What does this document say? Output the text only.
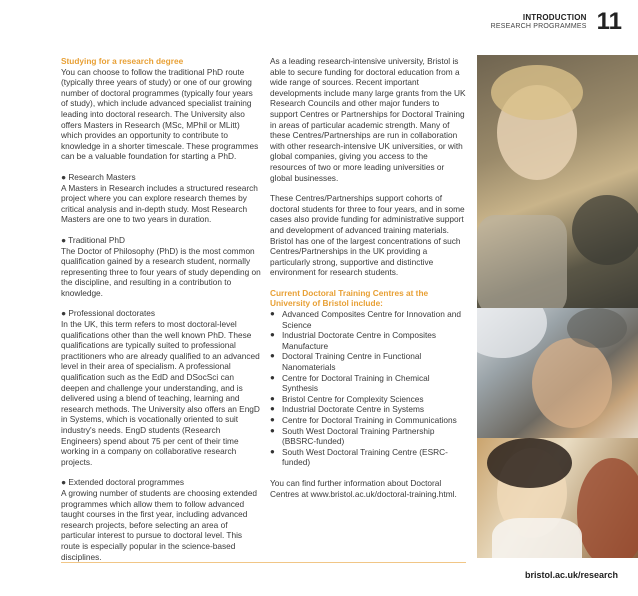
INTRODUCTION
RESEARCH PROGRAMMES 11
Studying for a research degree

You can choose to follow the traditional PhD route (typically three years of study) or one of our growing number of doctoral programmes (typically four years of study), which include advanced specialist training leading into doctoral research. The University also offers Masters in Research (MSc, MPhil or MLitt) which provides an opportunity to contribute to knowledge in a shorter timescale. These programmes can be a valuable foundation for starting a PhD.

● Research Masters

A Masters in Research includes a structured research project where you can explore research themes by critical analysis and in-depth study. Most Research Masters are one to two years in duration.

● Traditional PhD

The Doctor of Philosophy (PhD) is the most common qualification gained by a research student, normally representing three to four years of study depending on the discipline, and resulting in a contribution to knowledge.

● Professional doctorates

In the UK, this term refers to most doctoral-level qualifications other than the well known PhD. These qualifications are typically suited to professional practitioners who are already qualified to an advanced level in their area of specialism. A professional qualification such as the EdD and DSocSci can deepen and challenge your understanding, and is delivered using a blend of teaching, learning and research methods. The University also offers an EngD in Systems, which is vocationally oriented to suit industry's needs. EngD students (Research Engineers) spend about 75 per cent of their time working in a company on collaborative research projects.

● Extended doctoral programmes

A growing number of students are choosing extended programmes which allow them to follow advanced taught courses in the first year, including advanced research projects, before selecting an area of particular interest to pursue to doctoral level. This route is especially popular in the science-based disciplines.

As a leading research-intensive university, Bristol is able to secure funding for doctoral education from a wide range of sources. Recent important developments include many large grants from the UK Research Councils and other major funders to support Centres or Partnerships for Doctoral Training in areas of particular academic strength. Many of these Centres/Partnerships are run in collaboration with other research-intensive UK universities, or with global companies, giving you access to the resources of two or more leading universities or global businesses.

These Centres/Partnerships support cohorts of doctoral students for three to four years, and in some cases also provide funding for administrative support and development of advanced training materials. Bristol has one of the largest concentrations of such Centres/Partnerships in the UK providing a particularly strong, supportive and distinctive environment for research students.

Current Doctoral Training Centres at the University of Bristol include:
● Advanced Composites Centre for Innovation and Science
● Industrial Doctorate Centre in Composites Manufacture
● Doctoral Training Centre in Functional Nanomaterials
● Centre for Doctoral Training in Chemical Synthesis
● Bristol Centre for Complexity Sciences
● Industrial Doctorate Centre in Systems
● Centre for Doctoral Training in Communications
● South West Doctoral Training Partnership (BBSRC-funded)
● South West Doctoral Training Centre (ESRC-funded)

You can find further information about Doctoral Centres at www.bristol.ac.uk/doctoral-training.html.

bristol.ac.uk/research
